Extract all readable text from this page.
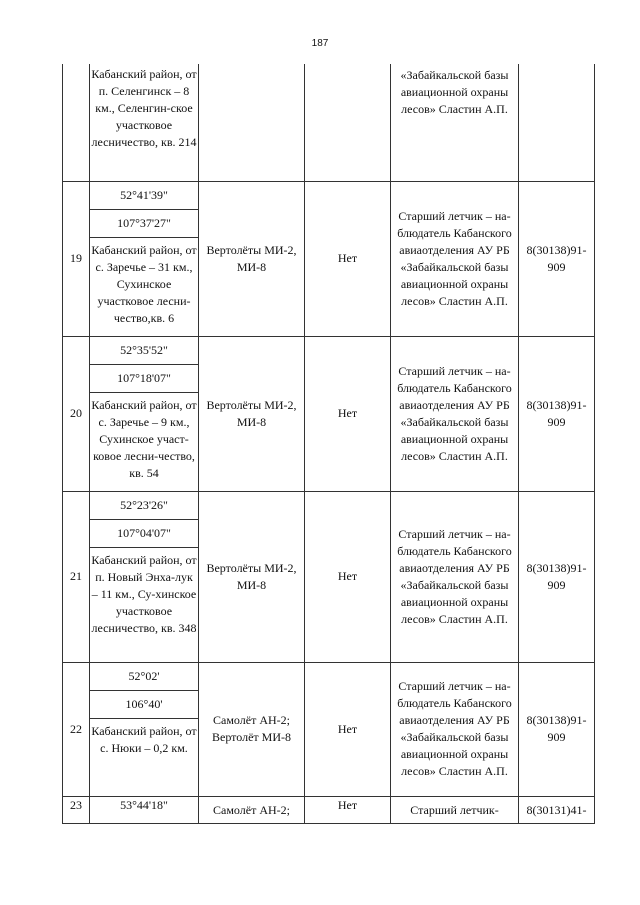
187
	Кабанский район, от п. Селенгинск – 8 км., Селенгин-ское участковое лесничество, кв. 214			«Забайкальской базы авиационной охраны лесов» Сластин А.П.	
19	52°41'39"	Вертолёты МИ-2, МИ-8	Нет	Старший летчик – на-блюдатель Кабанского авиаотделения АУ РБ «Забайкальской базы авиационной охраны лесов» Сластин А.П.	8(30138)91-909
	107°37'27"				
	Кабанский район, от с. Заречье – 31 км., Сухинское участковое лесни-чество,кв. 6				
20	52°35'52"	Вертолёты МИ-2, МИ-8	Нет	Старший летчик – на-блюдатель Кабанского авиаотделения АУ РБ «Забайкальской базы авиационной охраны лесов» Сластин А.П.	8(30138)91-909
	107°18'07"				
	Кабанский район, от с. Заречье – 9 км., Сухинское участ-ковое лесни-чество, кв. 54				
21	52°23'26"	Вертолёты МИ-2, МИ-8	Нет	Старший летчик – на-блюдатель Кабанского авиаотделения АУ РБ «Забайкальской базы авиационной охраны лесов» Сластин А.П.	8(30138)91-909
	107°04'07"				
	Кабанский район, от п. Новый Энха-лук – 11 км., Су-хинское участковое лесничество, кв. 348				
22	52°02'	Самолёт АН-2; Вертолёт МИ-8	Нет	Старший летчик – на-блюдатель Кабанского авиаотделения АУ РБ «Забайкальской базы авиационной охраны лесов» Сластин А.П.	8(30138)91-909
	106°40'				
	Кабанский район, от с. Нюки – 0,2 км.				
23	53°44'18"	Самолёт АН-2;	Нет	Старший летчик-	8(30131)41-
